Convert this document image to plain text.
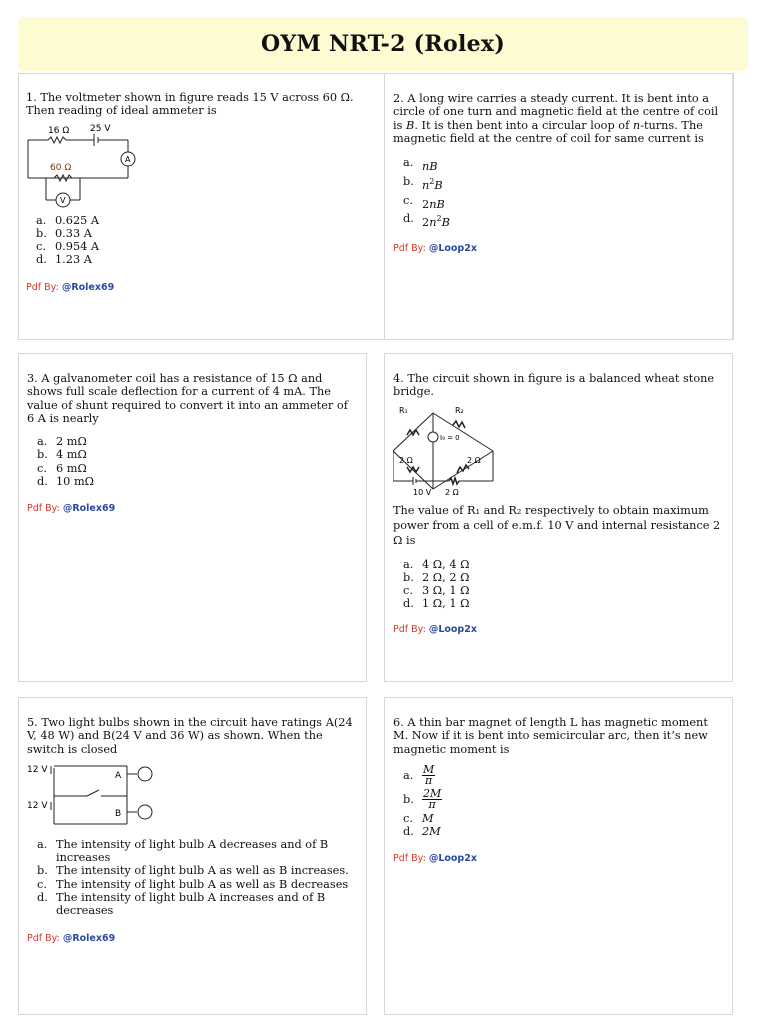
OYM NRT-2 (Rolex)

1. The voltmeter shown in figure reads 15 V across 60 Ω. Then reading of ideal ammeter is

16 Ω 25 V
A
60 Ω
V
a. 0.625 A
b. 0.33 A
c. 0.954 A
d. 1.23 A
Pdf By: @Rolex69

2. A long wire carries a steady current. It is bent into a circle of one turn and magnetic field at the centre of coil is B. It is then bent into a circular loop of n-turns. The magnetic field at the centre of coil for same current is

a. nB
b. $n^2B$
c. 2nB
d. $2n^2B$
Pdf By: @Loop2x

3. A galvanometer coil has a resistance of 15 Ω and shows full scale deflection for a current of 4 mA. The value of shunt required to convert it into an ammeter of 6 A is nearly

a. 2 mΩ
b. 4 mΩ
c. 6 mΩ
d. 10 mΩ
Pdf By: @Rolex69

4. The circuit shown in figure is a balanced wheat stone bridge.

R₁	R₂
I₉ = 0
2 Ω	2 Ω
10 V 2 Ω

The value of R₁ and R₂ respectively to obtain maximum power from a cell of e.m.f. 10 V and internal resistance 2 Ω is

a. 4 Ω, 4 Ω
b. 2 Ω, 2 Ω
c. 3 Ω, 1 Ω
d. 1 Ω, 1 Ω
Pdf By: @Loop2x

5. Two light bulbs shown in the circuit have ratings A(24 V, 48 W) and B(24 V and 36 W) as shown. When the switch is closed

12 V
12 V
A
B
a. The intensity of light bulb A decreases and of B increases
b. The intensity of light bulb A as well as B increases.
c. The intensity of light bulb A as well as B decreases
d. The intensity of light bulb A increases and of B decreases
Pdf By: @Rolex69

6. A thin bar magnet of length L has magnetic moment M. Now if it is bent into semicircular arc, then it’s new magnetic moment is

a. $\frac{M}{\pi}$
b. $\frac{2M}{\pi}$
c. M
d. 2M
Pdf By: @Loop2x
